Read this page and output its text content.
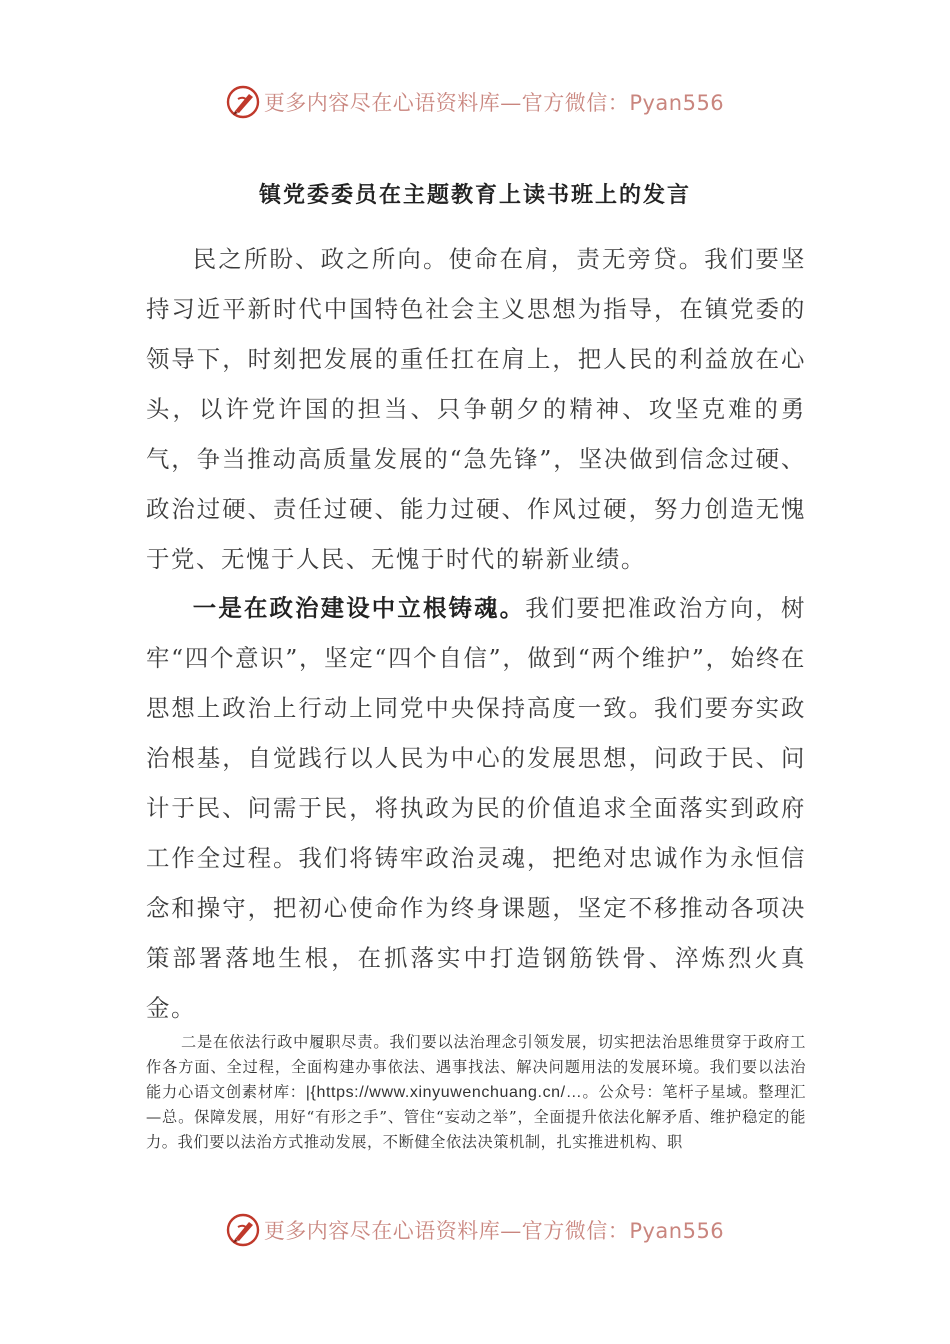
更多内容尽在心语资料库—官方微信：Pyan556
镇党委委员在主题教育上读书班上的发言

民之所盼、政之所向。使命在肩，责无旁贷。我们要坚持习近平新时代中国特色社会主义思想为指导，在镇党委的领导下，时刻把发展的重任扛在肩上，把人民的利益放在心头，以许党许国的担当、只争朝夕的精神、攻坚克难的勇气，争当推动高质量发展的“急先锋”，坚决做到信念过硬、政治过硬、责任过硬、能力过硬、作风过硬，努力创造无愧于党、无愧于人民、无愧于时代的崭新业绩。

一是在政治建设中立根铸魂。我们要把准政治方向，树牢“四个意识”，坚定“四个自信”，做到“两个维护”，始终在思想上政治上行动上同党中央保持高度一致。我们要夯实政治根基，自觉践行以人民为中心的发展思想，问政于民、问计于民、问需于民，将执政为民的价值追求全面落实到政府工作全过程。我们将铸牢政治灵魂，把绝对忠诚作为永恒信念和操守，把初心使命作为终身课题，坚定不移推动各项决策部署落地生根，在抓落实中打造钢筋铁骨、淬炼烈火真金。

二是在依法行政中履职尽责。我们要以法治理念引领发展，切实把法治思维贯穿于政府工作各方面、全过程，全面构建办事依法、遇事找法、解决问题用法的发展环境。我们要以法治能力心语文创素材库：|{https://www.xinyuwenchuang.cn/…。公众号：笔杆子星域。整理汇—总。保障发展，用好“有形之手”、管住“妄动之举”，全面提升依法化解矛盾、维护稳定的能力。我们要以法治方式推动发展，不断健全依法决策机制，扎实推进机构、职

更多内容尽在心语资料库—官方微信：Pyan556
